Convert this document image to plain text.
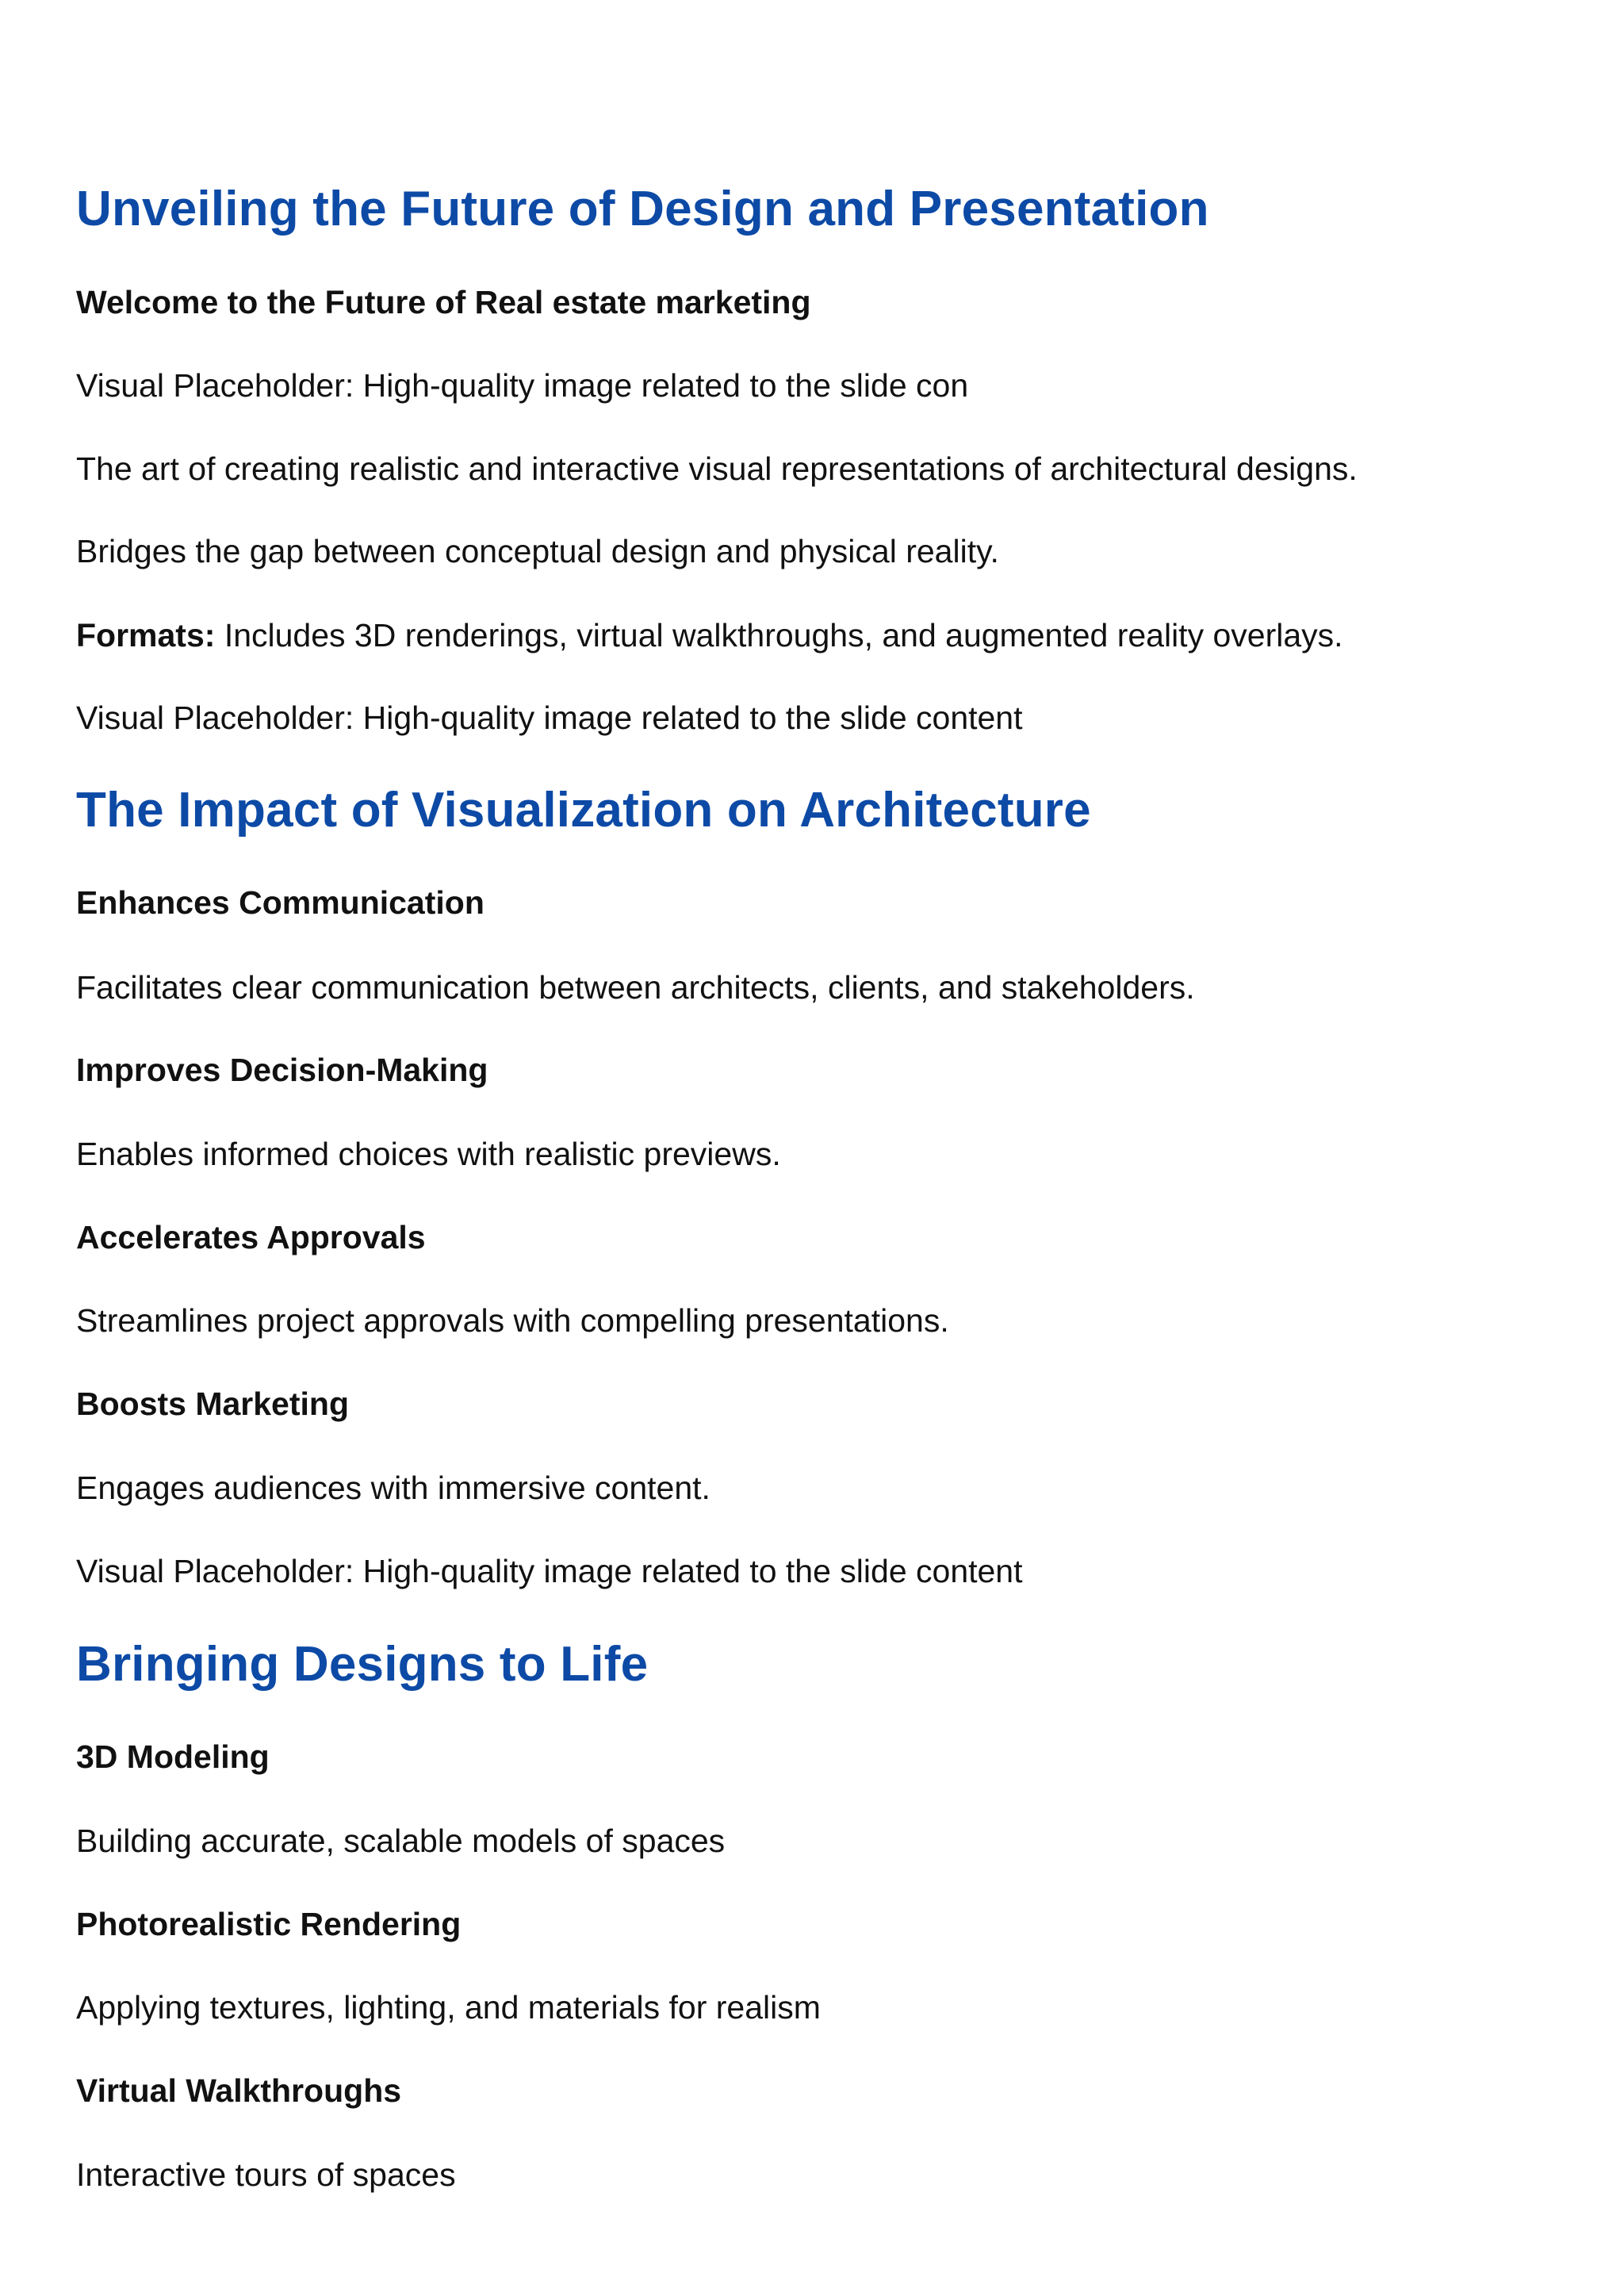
Unveiling the Future of Design and Presentation

Welcome to the Future of Real estate marketing

Visual Placeholder: High-quality image related to the slide con

The art of creating realistic and interactive visual representations of architectural designs.

Bridges the gap between conceptual design and physical reality.

Formats: Includes 3D renderings, virtual walkthroughs, and augmented reality overlays.

Visual Placeholder: High-quality image related to the slide content

The Impact of Visualization on Architecture

Enhances Communication

Facilitates clear communication between architects, clients, and stakeholders.

Improves Decision-Making

Enables informed choices with realistic previews.

Accelerates Approvals

Streamlines project approvals with compelling presentations.

Boosts Marketing

Engages audiences with immersive content.

Visual Placeholder: High-quality image related to the slide content

Bringing Designs to Life

3D Modeling

Building accurate, scalable models of spaces

Photorealistic Rendering

Applying textures, lighting, and materials for realism

Virtual Walkthroughs

Interactive tours of spaces
